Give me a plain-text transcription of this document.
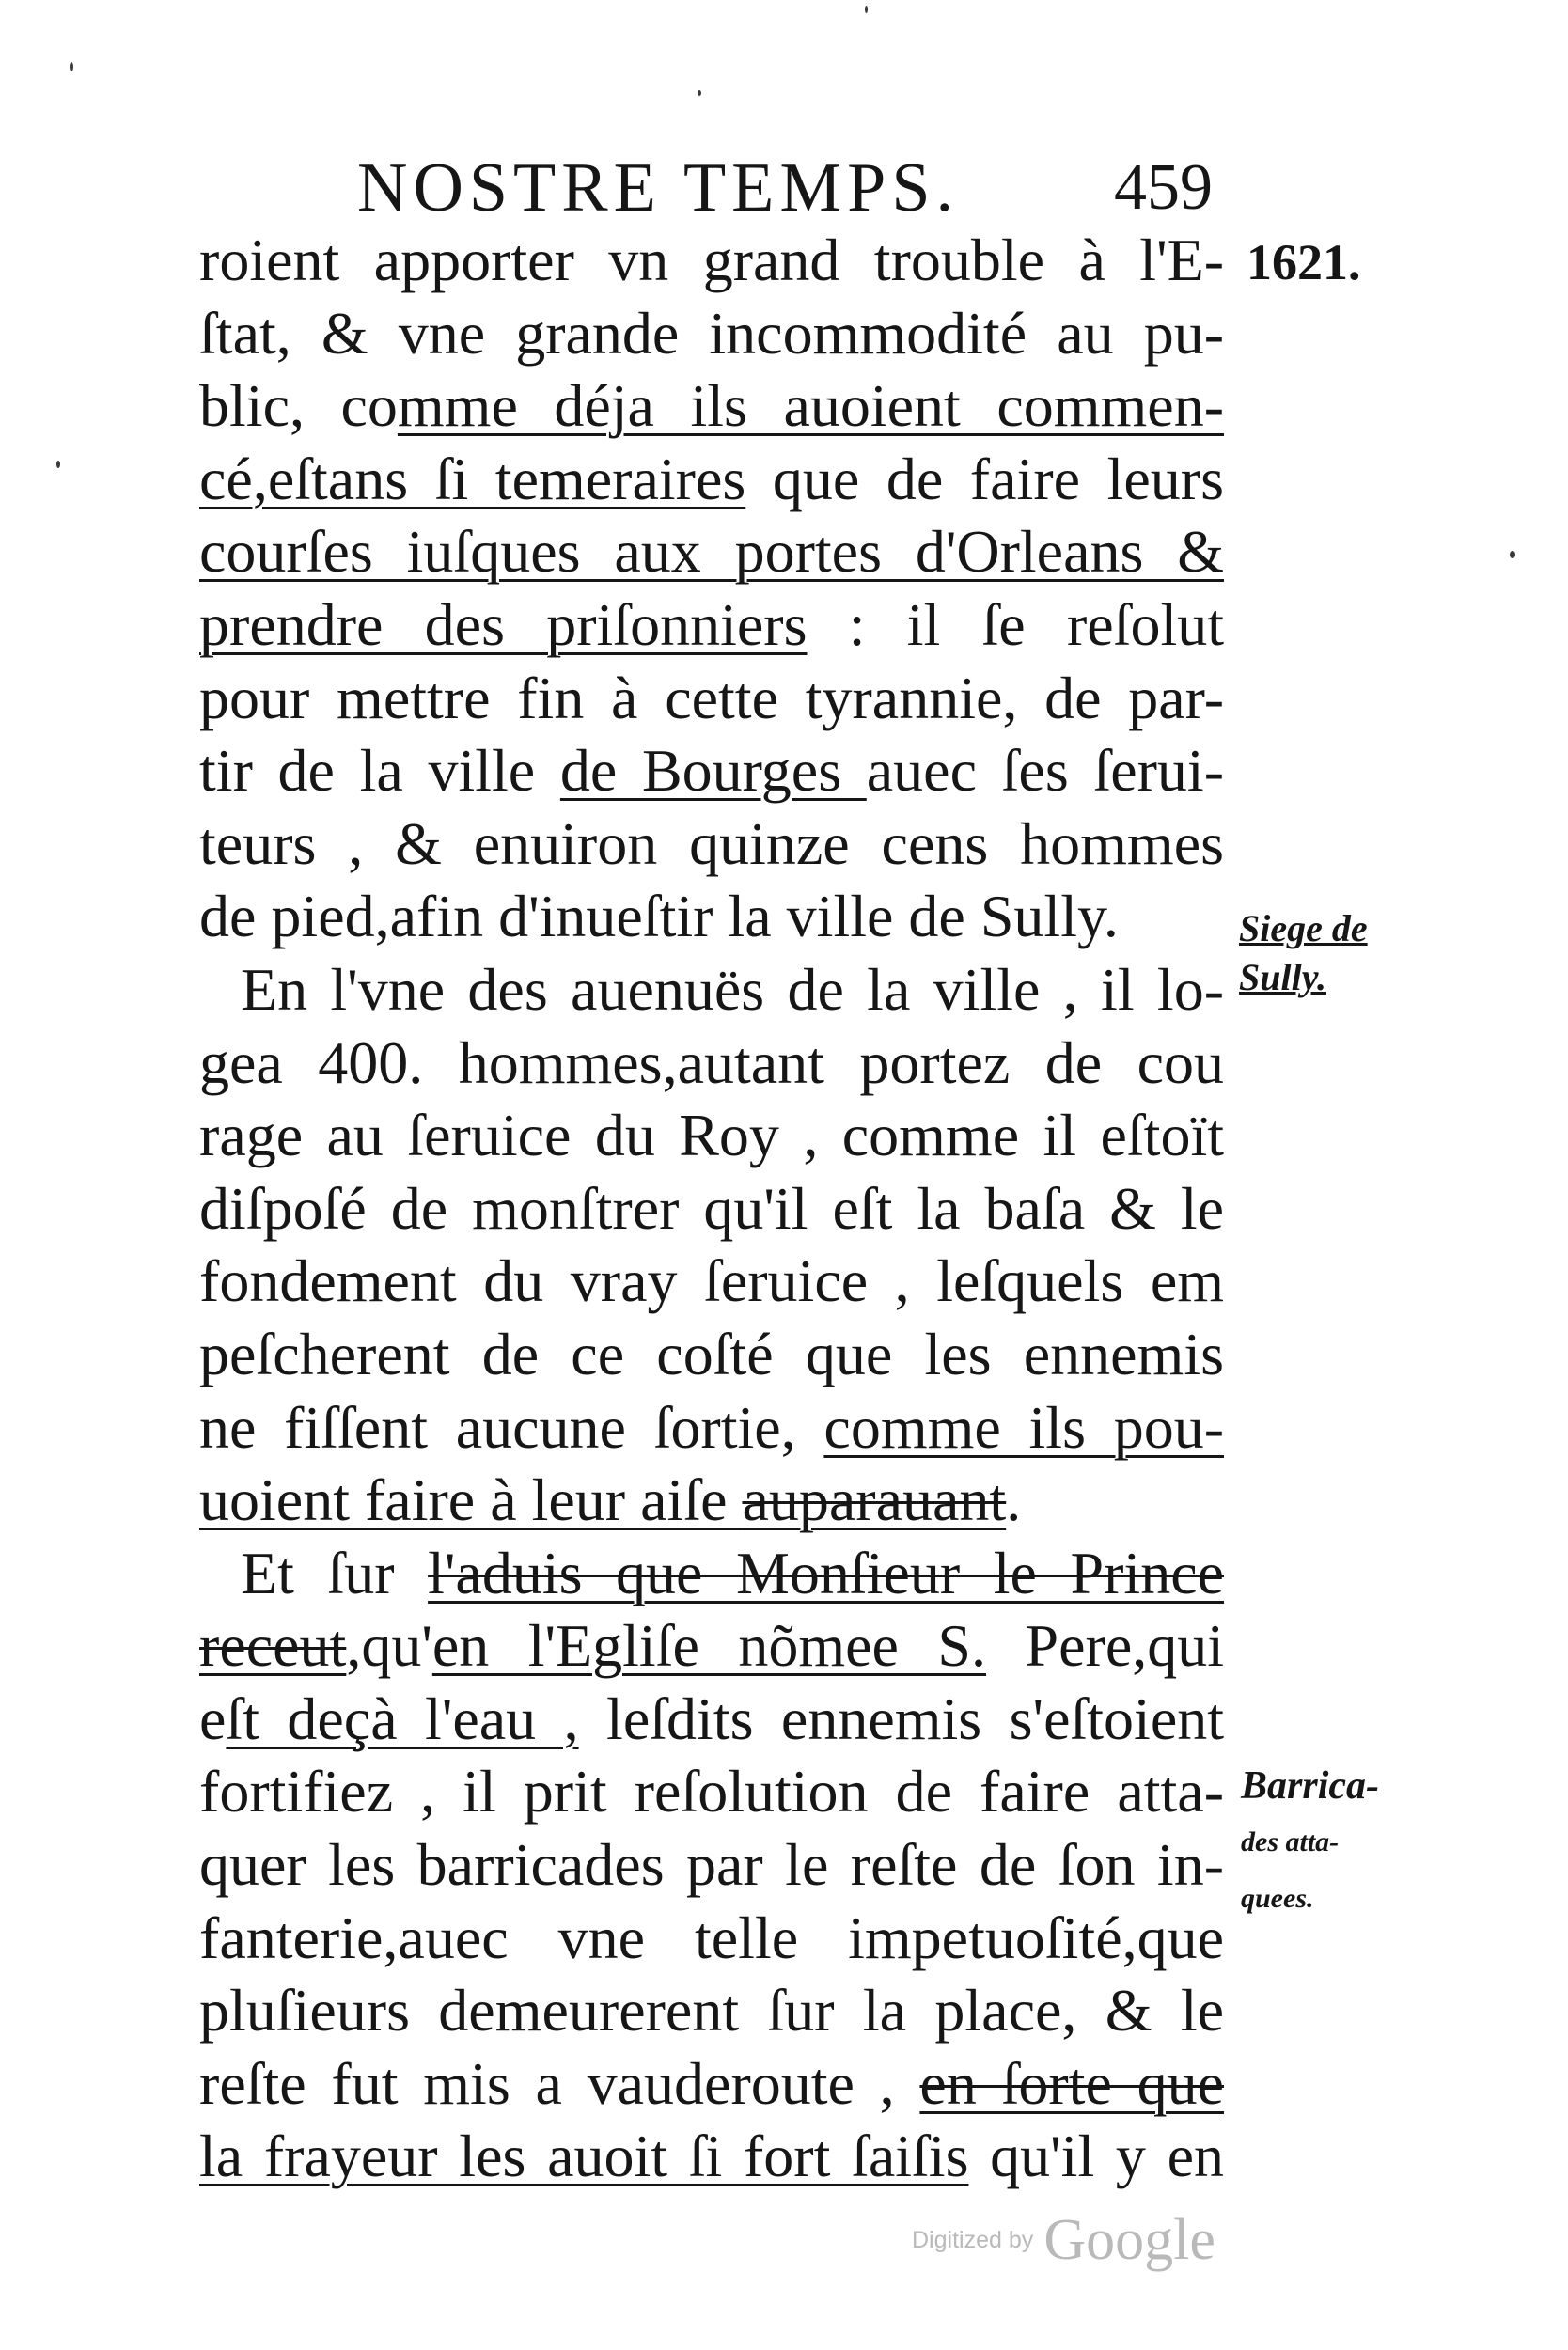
NOSTRE TEMPS. 459
1621.
Siege de
Sully.
Barrica-
des atta-
quees.
roient apporter vn grand trouble à l'E-
ſtat, & vne grande incommodité au pu-
blic, comme déja ils auoient commen-
cé,eſtans ſi temeraires que de faire leurs
courſes iuſques aux portes d'Orleans &
prendre des priſonniers : il ſe reſolut
pour mettre fin à cette tyrannie, de par-
tir de la ville de Bourges auec ſes ſerui-
teurs , & enuiron quinze cens hommes
de pied,afin d'inueſtir la ville de Sully.
En l'vne des auenuës de la ville , il lo-
gea 400. hommes,autant portez de cou
rage au ſeruice du Roy , comme il eſtoït
diſpoſé de monſtrer qu'il eſt la baſa & le
fondement du vray ſeruice , leſquels em
peſcherent de ce coſté que les ennemis
ne fiſſent aucune ſortie, comme ils pou-
uoient faire à leur aiſe auparauant.
Et ſur l'aduis que Monſieur le Prince
receut,qu'en l'Egliſe nõmee S. Pere,qui
eſt deçà l'eau , leſdits ennemis s'eſtoient
fortifiez , il prit reſolution de faire atta-
quer les barricades par le reſte de ſon in-
fanterie,auec vne telle impetuoſité,que
pluſieurs demeurerent ſur la place, & le
reſte fut mis a vauderoute , en ſorte que
la frayeur les auoit ſi fort ſaiſis qu'il y en
Digitized by Google
